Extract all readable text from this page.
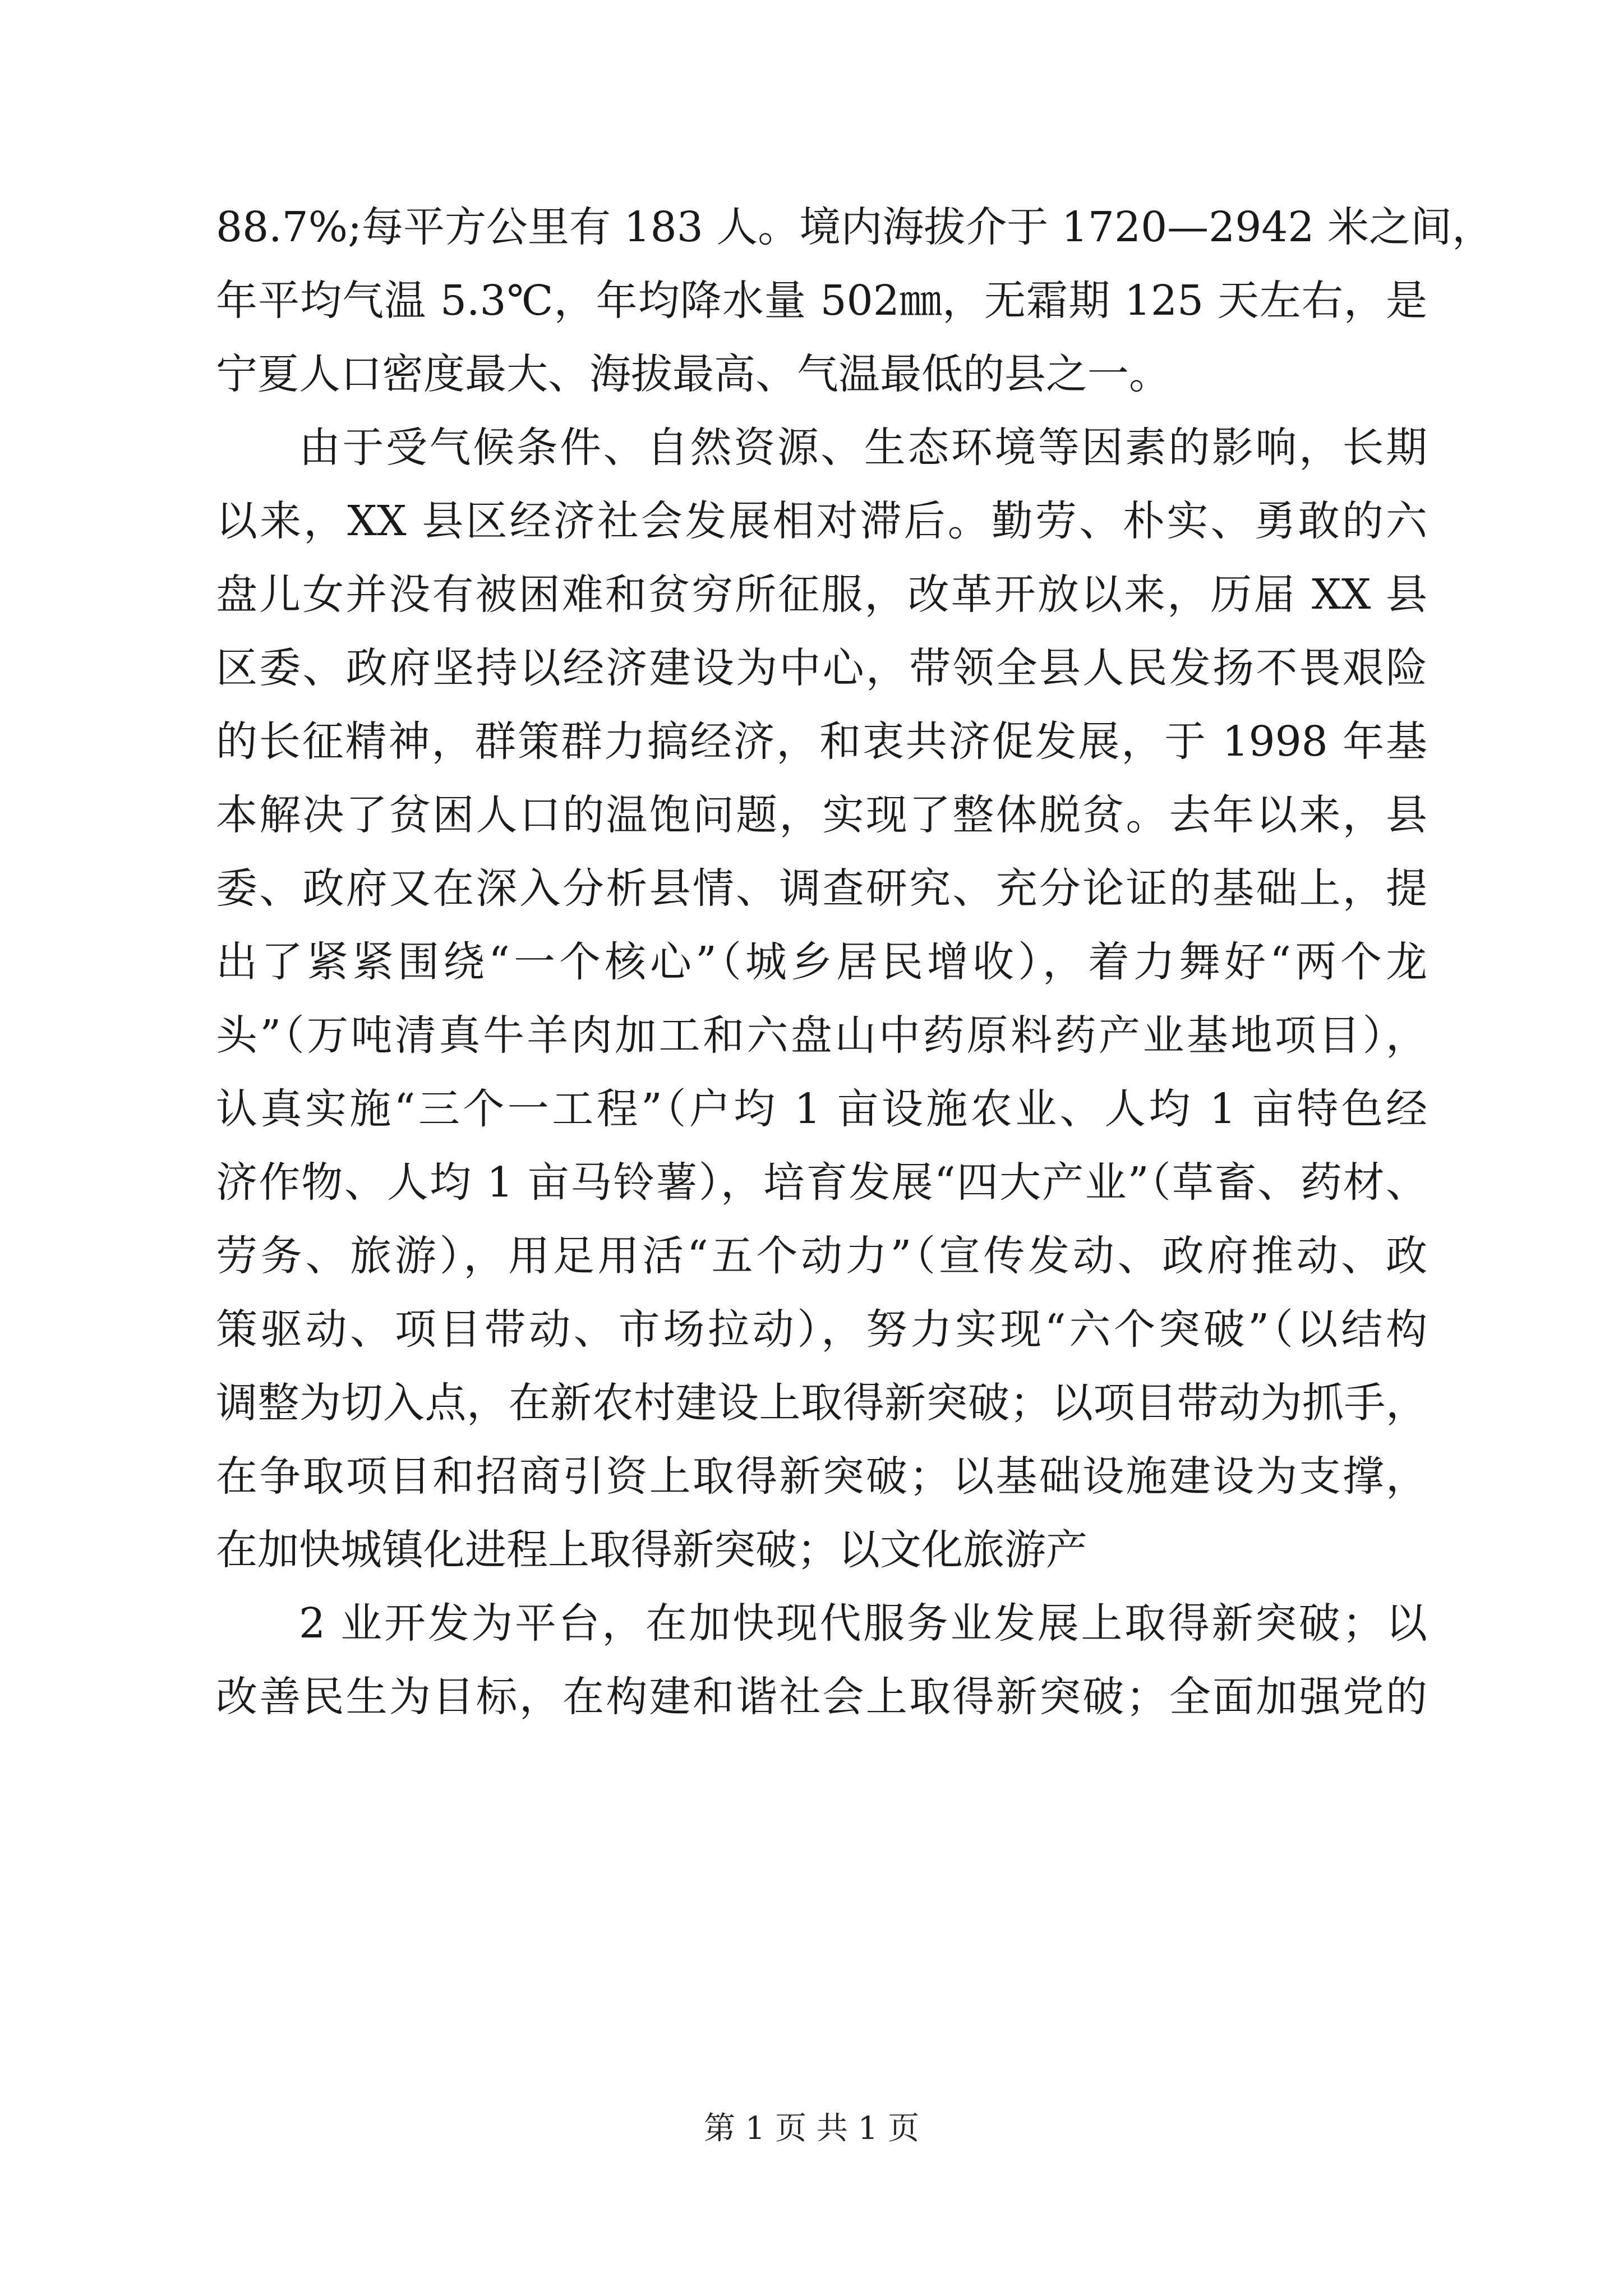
88.7%;每平方公里有 183 人。境内海拔介于 1720—2942 米之间，
年平均气温 5.3℃，年均降水量 502㎜，无霜期 125 天左右，是
宁夏人口密度最大、海拔最高、气温最低的县之一。
由于受气候条件、自然资源、生态环境等因素的影响，长期
以来，XX 县区经济社会发展相对滞后。勤劳、朴实、勇敢的六
盘儿女并没有被困难和贫穷所征服，改革开放以来，历届 XX 县
区委、政府坚持以经济建设为中心，带领全县人民发扬不畏艰险
的长征精神，群策群力搞经济，和衷共济促发展，于 1998 年基
本解决了贫困人口的温饱问题，实现了整体脱贫。去年以来，县
委、政府又在深入分析县情、调查研究、充分论证的基础上，提
出了紧紧围绕“一个核心”（城乡居民增收），着力舞好“两个龙
头”（万吨清真牛羊肉加工和六盘山中药原料药产业基地项目），
认真实施“三个一工程”（户均 1 亩设施农业、人均 1 亩特色经
济作物、人均 1 亩马铃薯），培育发展“四大产业”（草畜、药材、
劳务、旅游），用足用活“五个动力”（宣传发动、政府推动、政
策驱动、项目带动、市场拉动），努力实现“六个突破”（以结构
调整为切入点，在新农村建设上取得新突破；以项目带动为抓手，
在争取项目和招商引资上取得新突破；以基础设施建设为支撑，
在加快城镇化进程上取得新突破；以文化旅游产
2 业开发为平台，在加快现代服务业发展上取得新突破；以
改善民生为目标，在构建和谐社会上取得新突破；全面加强党的
第 1 页 共 1 页
